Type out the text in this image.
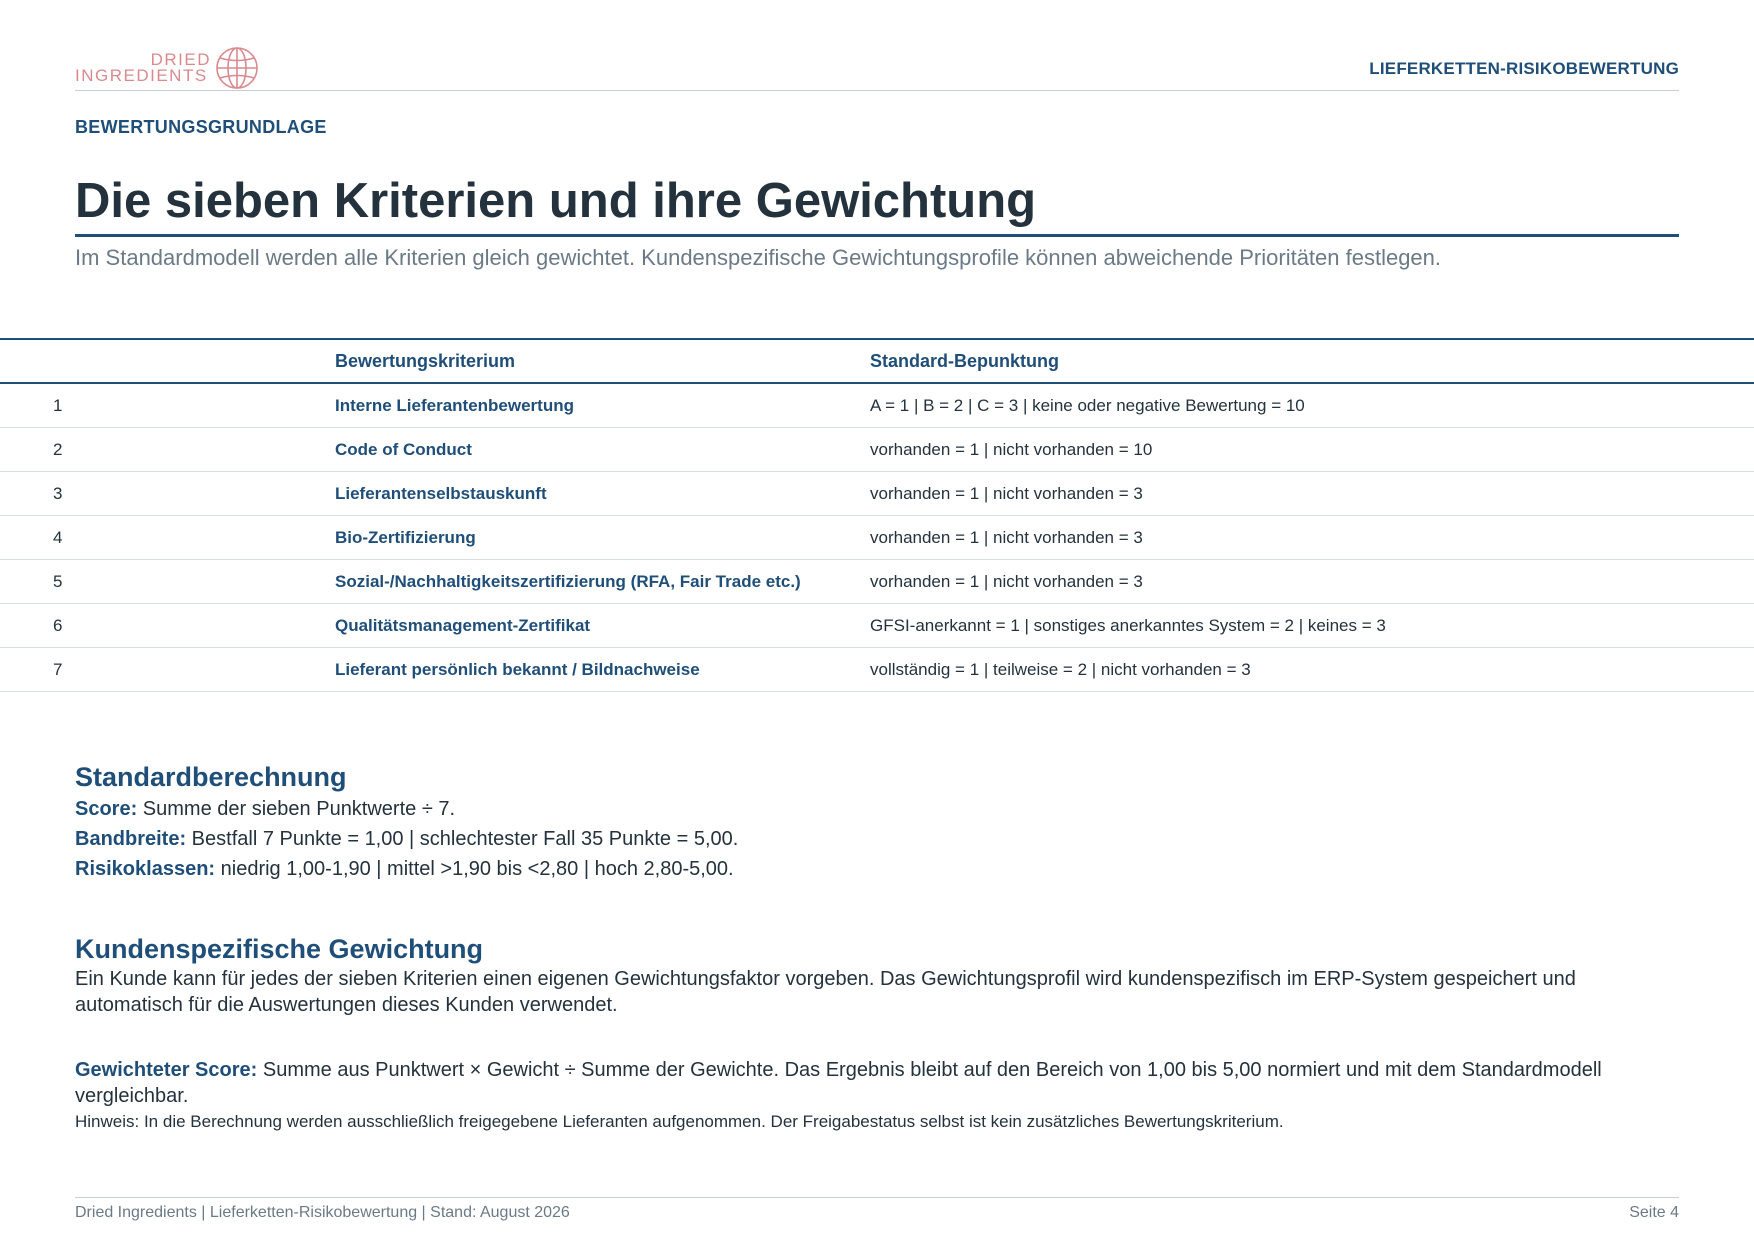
DRIED
INGREDIENTS	LIEFERKETTEN-RISIKOBEWERTUNG
BEWERTUNGSGRUNDLAGE
Die sieben Kriterien und ihre Gewichtung
Im Standardmodell werden alle Kriterien gleich gewichtet. Kundenspezifische Gewichtungsprofile können abweichende Prioritäten festlegen.
	Bewertungskriterium	Standard-Bepunktung
1	Interne Lieferantenbewertung	A = 1 | B = 2 | C = 3 | keine oder negative Bewertung = 10
2	Code of Conduct	vorhanden = 1 | nicht vorhanden = 10
3	Lieferantenselbstauskunft	vorhanden = 1 | nicht vorhanden = 3
4	Bio-Zertifizierung	vorhanden = 1 | nicht vorhanden = 3
5	Sozial-/Nachhaltigkeitszertifizierung (RFA, Fair Trade etc.)	vorhanden = 1 | nicht vorhanden = 3
6	Qualitätsmanagement-Zertifikat	GFSI-anerkannt = 1 | sonstiges anerkanntes System = 2 | keines = 3
7	Lieferant persönlich bekannt / Bildnachweise	vollständig = 1 | teilweise = 2 | nicht vorhanden = 3
Standardberechnung

Score: Summe der sieben Punktwerte ÷ 7.

Bandbreite: Bestfall 7 Punkte = 1,00 | schlechtester Fall 35 Punkte = 5,00.

Risikoklassen: niedrig 1,00-1,90 | mittel >1,90 bis <2,80 | hoch 2,80-5,00.

Kundenspezifische Gewichtung

Ein Kunde kann für jedes der sieben Kriterien einen eigenen Gewichtungsfaktor vorgeben. Das Gewichtungsprofil wird kundenspezifisch im ERP-System gespeichert und automatisch für die Auswertungen dieses Kunden verwendet.

Gewichteter Score: Summe aus Punktwert × Gewicht ÷ Summe der Gewichte. Das Ergebnis bleibt auf den Bereich von 1,00 bis 5,00 normiert und mit dem Standardmodell vergleichbar.

Hinweis: In die Berechnung werden ausschließlich freigegebene Lieferanten aufgenommen. Der Freigabestatus selbst ist kein zusätzliches Bewertungskriterium.
Dried Ingredients | Lieferketten-Risikobewertung | Stand: August 2026	Seite 4
